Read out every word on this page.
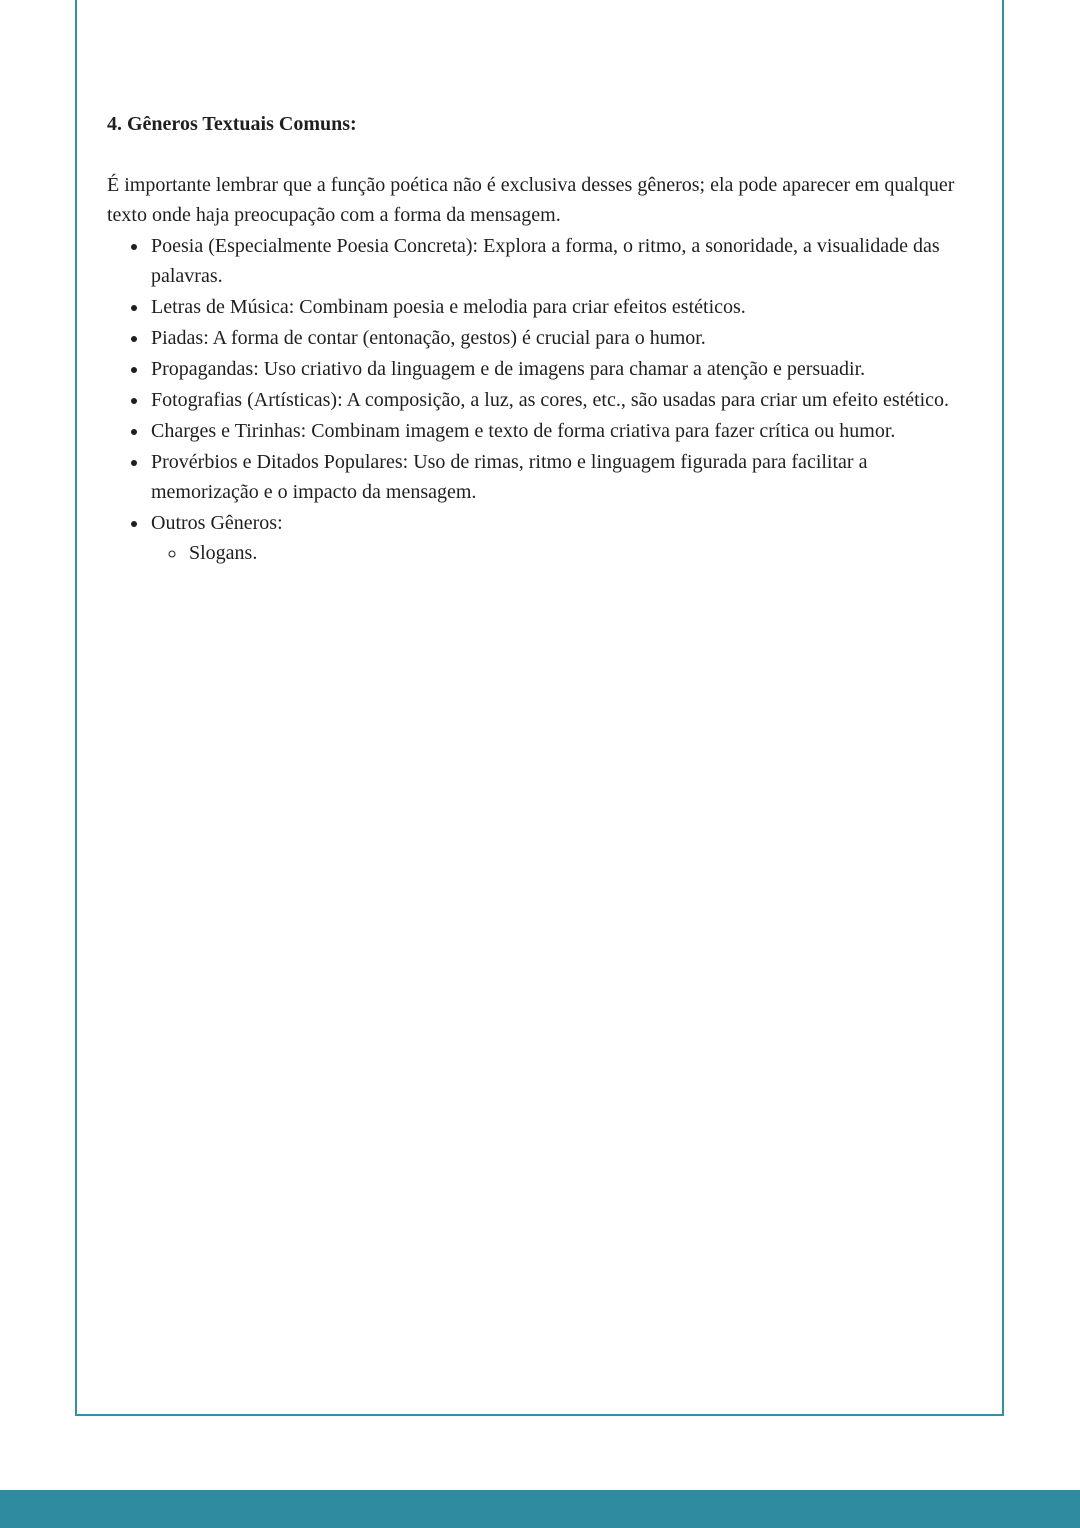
4. Gêneros Textuais Comuns:

É importante lembrar que a função poética não é exclusiva desses gêneros; ela pode aparecer em qualquer texto onde haja preocupação com a forma da mensagem.

• Poesia (Especialmente Poesia Concreta): Explora a forma, o ritmo, a sonoridade, a visualidade das palavras.
• Letras de Música: Combinam poesia e melodia para criar efeitos estéticos.
• Piadas: A forma de contar (entonação, gestos) é crucial para o humor.
• Propagandas: Uso criativo da linguagem e de imagens para chamar a atenção e persuadir.
• Fotografias (Artísticas): A composição, a luz, as cores, etc., são usadas para criar um efeito estético.
• Charges e Tirinhas: Combinam imagem e texto de forma criativa para fazer crítica ou humor.
• Provérbios e Ditados Populares: Uso de rimas, ritmo e linguagem figurada para facilitar a memorização e o impacto da mensagem.
• Outros Gêneros:
◦ Slogans.
